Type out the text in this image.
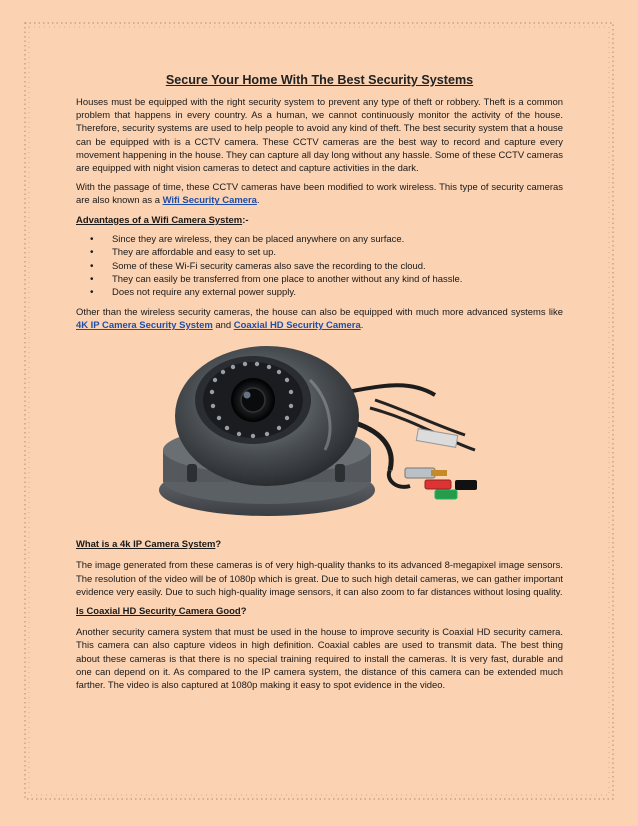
Secure Your Home With The Best Security Systems

Houses must be equipped with the right security system to prevent any type of theft or robbery. Theft is a common problem that happens in every country. As a human, we cannot continuously monitor the activity of the house. Therefore, security systems are used to help people to avoid any kind of theft. The best security system that a house can be equipped with is a CCTV camera. These CCTV cameras are the best way to record and capture every movement happening in the house. They can capture all day long without any hassle. Some of these CCTV cameras are equipped with night vision cameras to detect and capture activities in the dark.

With the passage of time, these CCTV cameras have been modified to work wireless. This type of security cameras are also known as a Wifi Security Camera.

Advantages of a Wifi Camera System:-

• Since they are wireless, they can be placed anywhere on any surface.
• They are affordable and easy to set up.
• Some of these Wi-Fi security cameras also save the recording to the cloud.
• They can easily be transferred from one place to another without any kind of hassle.
• Does not require any external power supply.

Other than the wireless security cameras, the house can also be equipped with much more advanced systems like 4K IP Camera Security System and Coaxial HD Security Camera.

What is a 4k IP Camera System?

The image generated from these cameras is of very high-quality thanks to its advanced 8-megapixel image sensors. The resolution of the video will be of 1080p which is great. Due to such high detail cameras, we can gather important evidence very easily. Due to such high-quality image sensors, it can also zoom to far distances without losing quality.

Is Coaxial HD Security Camera Good?

Another security camera system that must be used in the house to improve security is Coaxial HD security camera. This camera can also capture videos in high definition. Coaxial cables are used to transmit data. The best thing about these cameras is that there is no special training required to install the cameras. It is very fast, durable and one can depend on it. As compared to the IP camera system, the distance of this camera can be extended much farther. The video is also captured at 1080p making it easy to spot evidence in the video.
